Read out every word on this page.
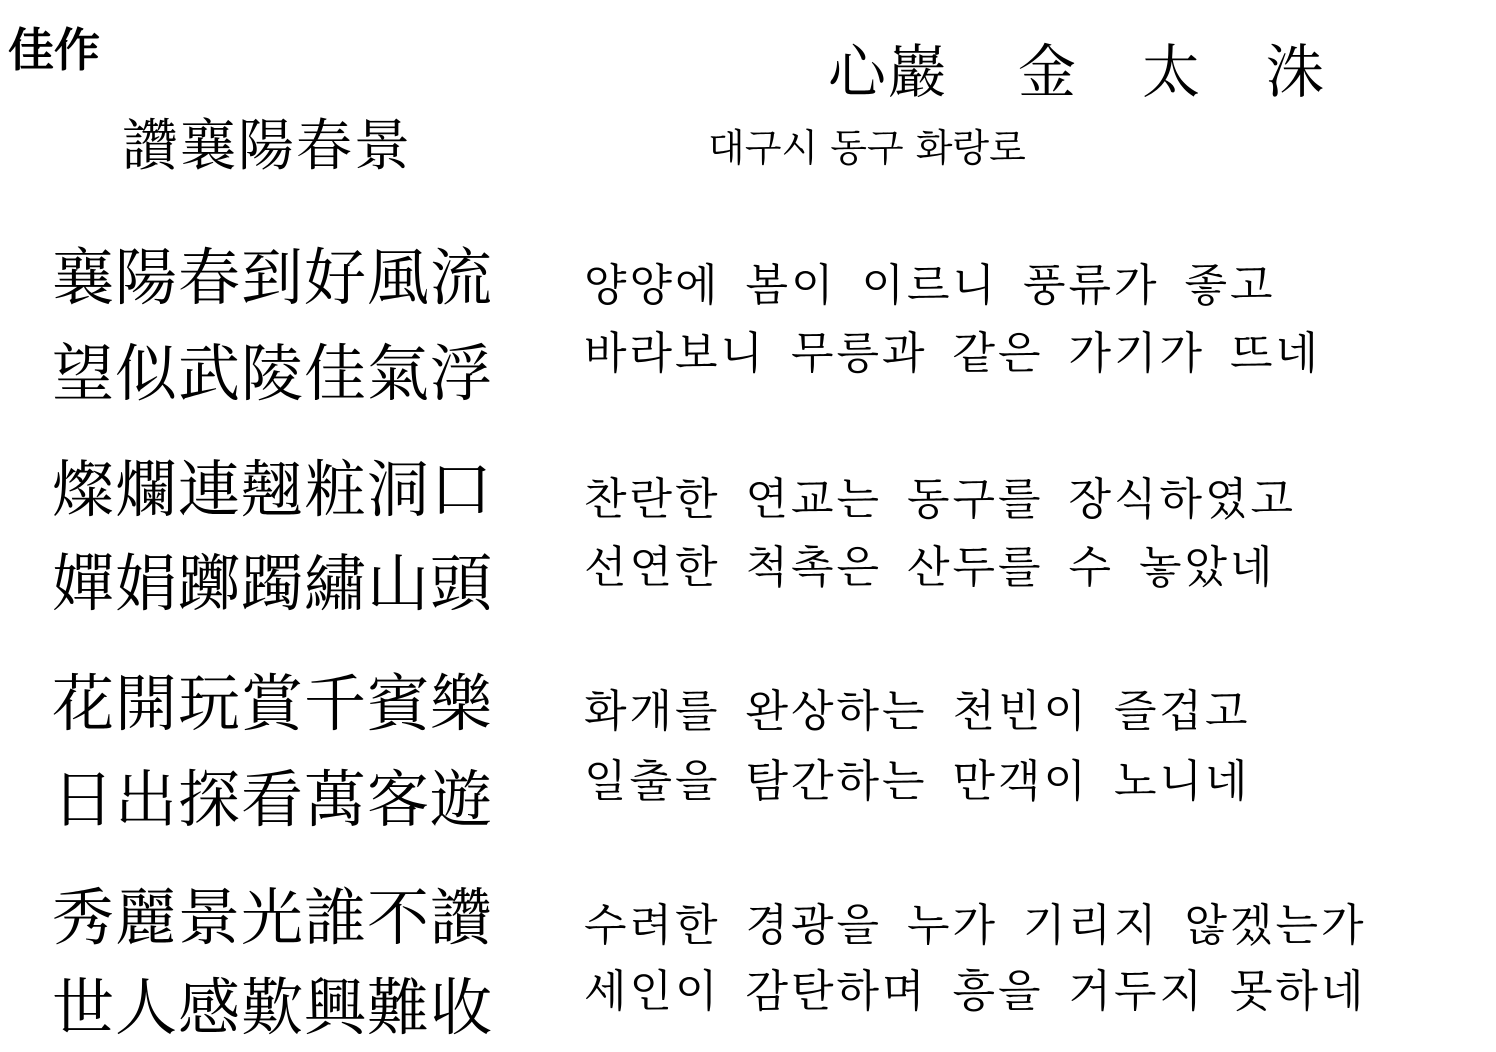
佳作	心巖 金太洙
讚襄陽春景	대구시 동구 화랑로
襄陽春到好風流 양양에 봄이 이르니 풍류가 좋고
望似武陵佳氣浮 바라보니 무릉과 같은 가기가 뜨네
燦爛連翹粧洞口 찬란한 연교는 동구를 장식하였고
嬋娟躑躅繡山頭 선연한 척촉은 산두를 수 놓았네
花開玩賞千賓樂 화개를 완상하는 천빈이 즐겁고
日出探看萬客遊 일출을 탐간하는 만객이 노니네
秀麗景光誰不讚 수려한 경광을 누가 기리지 않겠는가
世人感歎興難收 세인이 감탄하며 흥을 거두지 못하네
